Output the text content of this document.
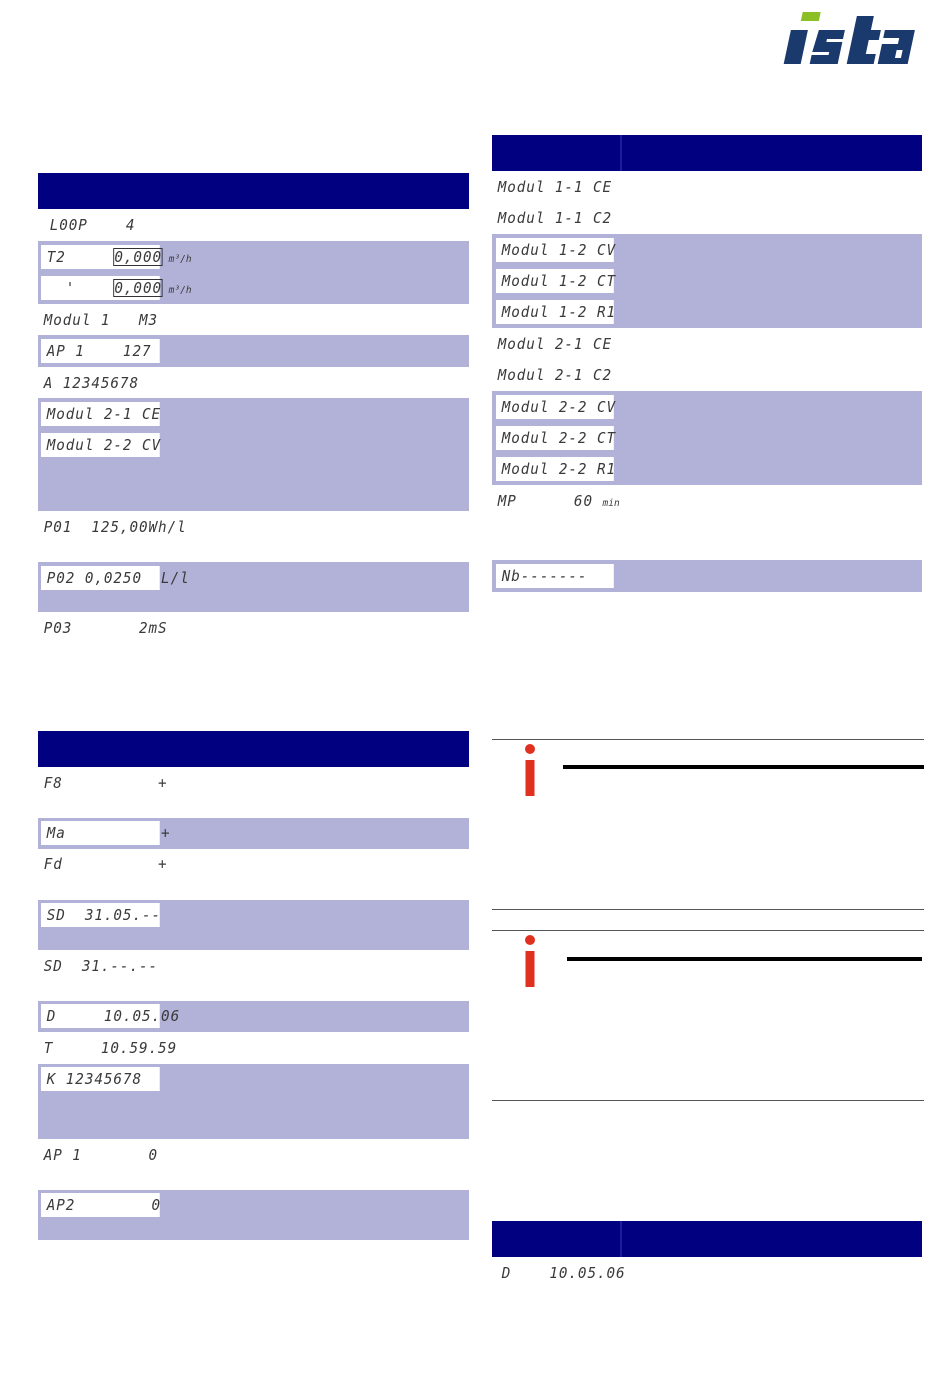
L00P    4
T2     0,000 m³/h
'    0,000 m³/h
Modul 1   M3
AP 1    127
A 12345678
Modul 2-1 CE
Modul 2-2 CV
P01  125,00Wh/l
P02 0,0250  L/l
P03       2mS
F8          +
Ma          +
Fd          +
SD  31.05.--
SD  31.--.--
D     10.05.06
T     10.59.59
K 12345678
AP 1       0
AP2        0
Modul 1-1 CE
Modul 1-1 C2
Modul 1-2 CV
Modul 1-2 CT
Modul 1-2 R1
Modul 2-1 CE
Modul 2-1 C2
Modul 2-2 CV
Modul 2-2 CT
Modul 2-2 R1
MP      60 min
Nb-------
D    10.05.06
